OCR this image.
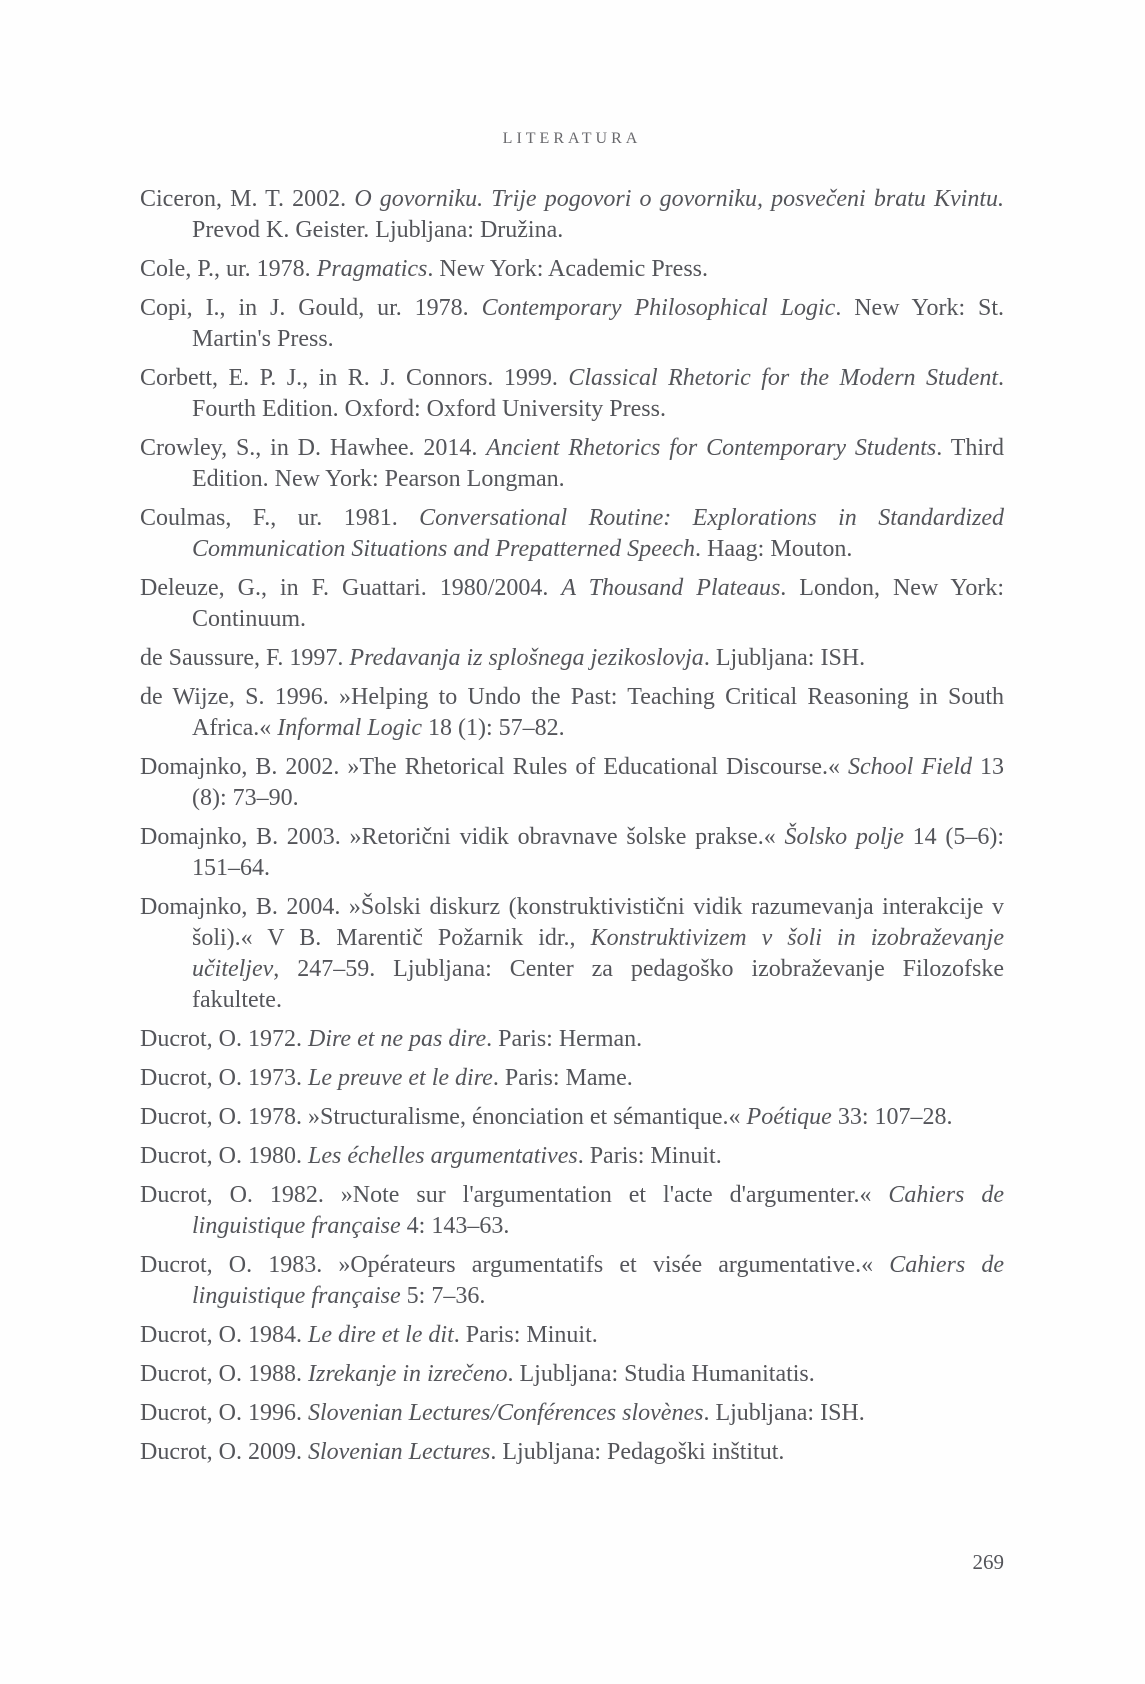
LITERATURA

Ciceron, M. T. 2002. O govorniku. Trije pogovori o govorniku, posvečeni bratu Kvintu. Prevod K. Geister. Ljubljana: Družina.

Cole, P., ur. 1978. Pragmatics. New York: Academic Press.

Copi, I., in J. Gould, ur. 1978. Contemporary Philosophical Logic. New York: St. Martin's Press.

Corbett, E. P. J., in R. J. Connors. 1999. Classical Rhetoric for the Modern Student. Fourth Edition. Oxford: Oxford University Press.

Crowley, S., in D. Hawhee. 2014. Ancient Rhetorics for Contemporary Students. Third Edition. New York: Pearson Longman.

Coulmas, F., ur. 1981. Conversational Routine: Explorations in Standardized Communication Situations and Prepatterned Speech. Haag: Mouton.

Deleuze, G., in F. Guattari. 1980/2004. A Thousand Plateaus. London, New York: Continuum.

de Saussure, F. 1997. Predavanja iz splošnega jezikoslovja. Ljubljana: ISH.

de Wijze, S. 1996. »Helping to Undo the Past: Teaching Critical Reasoning in South Africa.« Informal Logic 18 (1): 57–82.

Domajnko, B. 2002. »The Rhetorical Rules of Educational Discourse.« School Field 13 (8): 73–90.

Domajnko, B. 2003. »Retorični vidik obravnave šolske prakse.« Šolsko polje 14 (5–6): 151–64.

Domajnko, B. 2004. »Šolski diskurz (konstruktivistični vidik razumevanja interakcije v šoli).« V B. Marentič Požarnik idr., Konstruktivizem v šoli in izobraževanje učiteljev, 247–59. Ljubljana: Center za pedagoško izobraževanje Filozofske fakultete.

Ducrot, O. 1972. Dire et ne pas dire. Paris: Herman.

Ducrot, O. 1973. Le preuve et le dire. Paris: Mame.

Ducrot, O. 1978. »Structuralisme, énonciation et sémantique.« Poétique 33: 107–28.

Ducrot, O. 1980. Les échelles argumentatives. Paris: Minuit.

Ducrot, O. 1982. »Note sur l'argumentation et l'acte d'argumenter.« Cahiers de linguistique française 4: 143–63.

Ducrot, O. 1983. »Opérateurs argumentatifs et visée argumentative.« Cahiers de linguistique française 5: 7–36.

Ducrot, O. 1984. Le dire et le dit. Paris: Minuit.

Ducrot, O. 1988. Izrekanje in izrečeno. Ljubljana: Studia Humanitatis.

Ducrot, O. 1996. Slovenian Lectures/Conférences slovènes. Ljubljana: ISH.

Ducrot, O. 2009. Slovenian Lectures. Ljubljana: Pedagoški inštitut.

269
